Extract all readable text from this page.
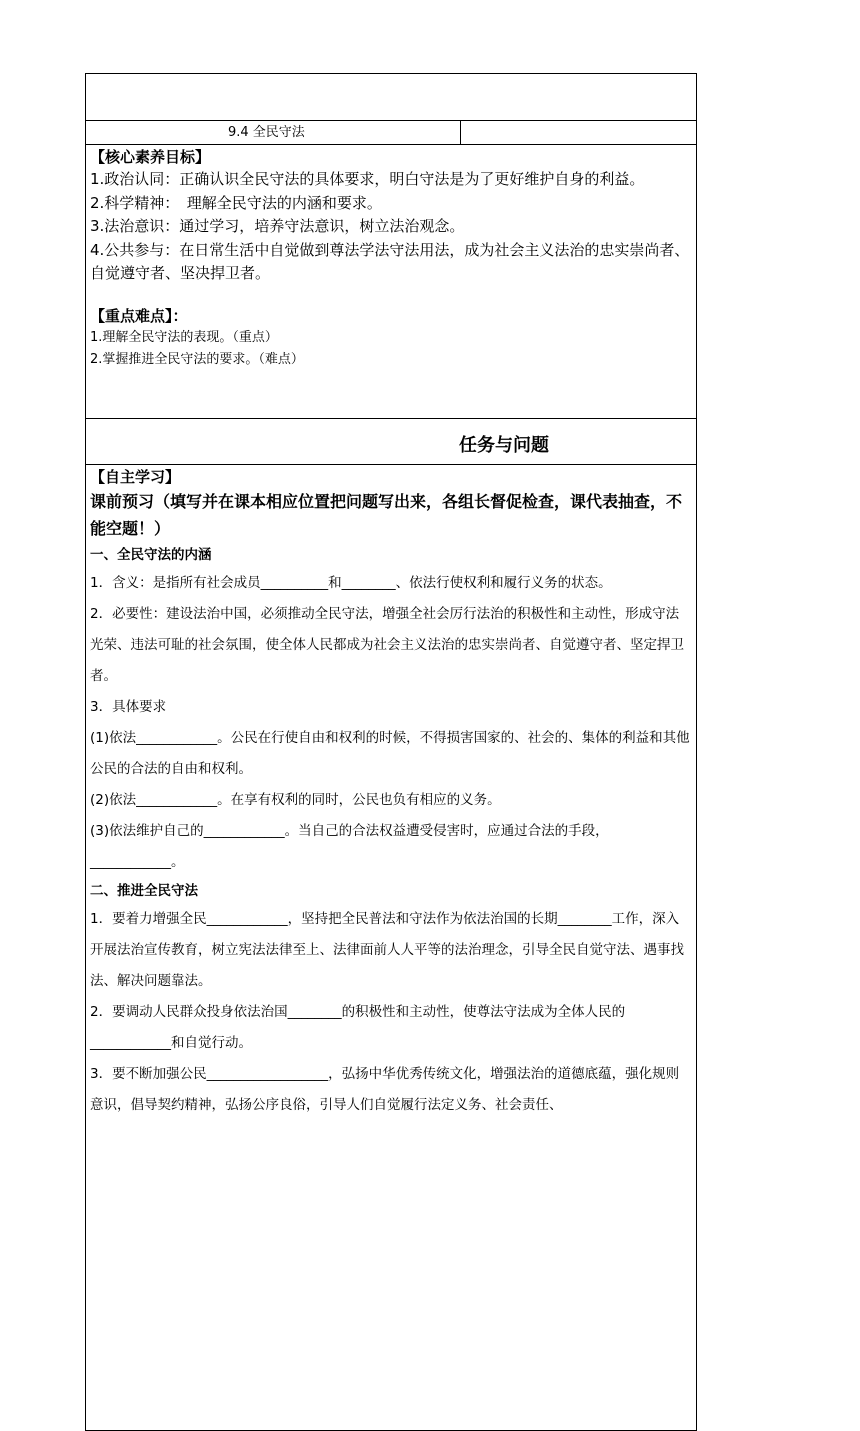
9.4 全民守法
【核心素养目标】
1.政治认同：正确认识全民守法的具体要求，明白守法是为了更好维护自身的利益。
2.科学精神：　理解全民守法的内涵和要求。
3.法治意识：通过学习，培养守法意识，树立法治观念。
4.公共参与：在日常生活中自觉做到尊法学法守法用法，成为社会主义法治的忠实崇尚者、自觉遵守者、坚决捍卫者。
【重点难点】：
1.理解全民守法的表现。（重点）
2.掌握推进全民守法的要求。（难点）
任务与问题
【自主学习】
课前预习（填写并在课本相应位置把问题写出来，各组长督促检查，课代表抽查，不能空题！）
一、全民守法的内涵
1．含义：是指所有社会成员__________和________、依法行使权利和履行义务的状态。
2．必要性：建设法治中国，必须推动全民守法，增强全社会厉行法治的积极性和主动性，形成守法光荣、违法可耻的社会氛围，使全体人民都成为社会主义法治的忠实崇尚者、自觉遵守者、坚定捍卫者。
3．具体要求
(1)依法____________。公民在行使自由和权利的时候，不得损害国家的、社会的、集体的利益和其他公民的合法的自由和权利。
(2)依法____________。在享有权利的同时，公民也负有相应的义务。
(3)依法维护自己的____________。当自己的合法权益遭受侵害时，应通过合法的手段，____________。
二、推进全民守法
1．要着力增强全民____________，坚持把全民普法和守法作为依法治国的长期________工作，深入开展法治宣传教育，树立宪法法律至上、法律面前人人平等的法治理念，引导全民自觉守法、遇事找法、解决问题靠法。
2．要调动人民群众投身依法治国________的积极性和主动性，使尊法守法成为全体人民的____________和自觉行动。
3．要不断加强公民__________________，弘扬中华优秀传统文化，增强法治的道德底蕴，强化规则意识，倡导契约精神，弘扬公序良俗，引导人们自觉履行法定义务、社会责任、
